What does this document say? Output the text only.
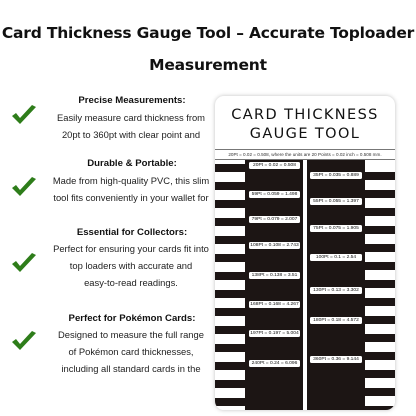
Card Thickness Gauge Tool – Accurate Toploader
Measurement
Precise Measurements:
Easily measure card thickness from
20pt to 360pt with clear point and
Durable & Portable:
Made from high-quality PVC, this slim
tool fits conveniently in your wallet for
Essential for Collectors:
Perfect for ensuring your cards fit into
top loaders with accurate and
easy-to-read readings.
Perfect for Pokémon Cards:
Designed to measure the full range
of Pokémon card thicknesses,
including all standard cards in the
CARD THICKNESS
GAUGE TOOL
20Pt = 0.02 = 0.508, where the units are 20 Points = 0.02 inch = 0.508 mm.
20Pt = 0.02 = 0.508
59Pt = 0.059 = 1.498
79Pt = 0.079 = 2.007
108Pt = 0.108 = 2.743
138Pt = 0.138 = 3.51
168Pt = 0.168 = 4.267
197Pt = 0.197 = 5.004
240Pt = 0.24 = 6.096
35Pt = 0.035 = 0.889
55Pt = 0.055 = 1.397
75Pt = 0.075 = 1.905
100Pt = 0.1 = 2.54
130Pt = 0.13 = 3.302
180Pt = 0.18 = 4.572
360Pt = 0.36 = 9.144
